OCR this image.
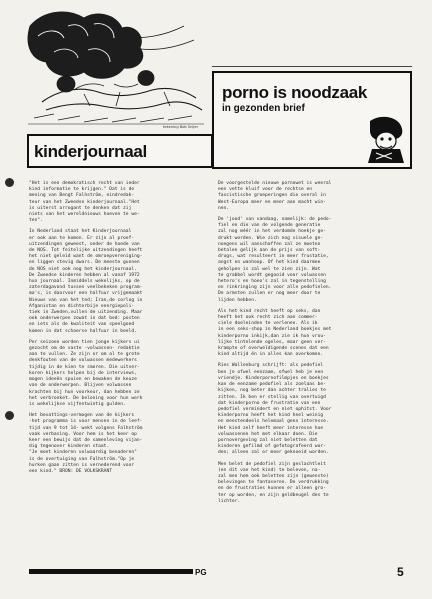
tekening Bob Snijer
porno is noodzaak
in gezonden brief
kinderjournaal

"Het is een demokratisch recht van ieder
kind informatie te krijgen." Dat is de
mening van Bengt Falhström, eindredak-
teur van het Zweedse kinderjournaal."Het
is uiterst arrogant te denken dat zij
niets van het wereldnieuws hoeven te we-
ten".

In Nederland staat het Kinderjournaal
er ook aan te komen. Er zijn al proef-
uitzendingen geweest, onder de hoede van
de NOS. Tot feitelijke uitzendingen heeft
het niet geleid want de omroepvereniging-
en liggen stevig dwars. De meeste gunnen
de NOS niet ook nog het kinderjournaal.
De Zweedse kinderen hebben al vanaf 1972
hun journaal. Inmiddels wekelijks, op de
zaterdagavond tussen veelbekeken program-
ma's, is daarvoor een halfuur vrijgemaakt
Nieuws van van het ted; Iran,de corlog in
Afganistan en dichterbije energiepoli-
tiek in Zweden,vullen de uitzending. Maar
ook onderwerpen zowat in dat bed: posten
en iets als de kwaliteit van speelgoed
komen in dat schaerse halfuur in beeld.

Per seizoen worden tien jonge kijkers ui
gezocht om de vaste -volwassen- redaktie
aan te vullen. Ze zijn er om al te grote
denkfouten van de volwassen medewerkers
tijdig in de kien te smoren. Die uitver-
koren kijkers helpen bij de interviews,
mogen ideeën spuien en bewaken de keuze
van de onderwerpen. Blijven volwassen
krachten bij hun voorkeur, dan hebben ze
het verbronket. De beloning voor hun werk
is wekelijkse vijfentwintig gulden.

Het bevattings-vermogen van de kijkers
-het programma is voor mensen in de leef-
tijd van 9 tot 14- wekt volgens Falhström
vaak verbasing. Voor hem is het keer op
keer een bewijs dat de samenleving vijan-
dig tegenover kinderen staat.
"Je moet kinderen volwaardig benaderen"
is de overtuiging van Falhström."Op je
hurken gaan zitten is vernederend voor
een kind." BRON: DE VOLKSKRANT

De voorgestelde nieuwe pornowet is weeral
een vette kluif voor de rechtse en
fascistische groeperingen die overal in
West-Europa meer en meer aan macht win-
nen.

De 'jood' van vandaag, namelijk: de pedo-
fiel en die van de volgende generatie
zal nog méér in het verdomde hoekje ge-
drukt worden. Wie zich nog visuele ge-
noegens wil aanschaffen zal ze moeten
betalen gelijk aan de prijs van soft-
drugs, wat resulteert in meer frustatie,
angst en wanhoop. Of het kind daarmee
geholpen is zal wel te zien zijn. Wat
te grabbel wordt gegooid voor volwassen
hetero's en hoeo's zal in tegenstelling
en rinkringing zijn voor alle pedofielen.
De armsten zullen er nog meer door te
lijden hebben.

Als het kind recht heeft op seks, dan
heeft het ook recht zich aan commer-
ciele doeleinden te verlenen. Als ik
in een seks-shop in Nederland boekjes met
kinderporno inkijk,dan zie ik hun vrou-
lijke tintelende ogeles, maar geen ver-
krampte of overweldigende scenes dat een
kind altijd én in alles kan overkomen.

Ries Wallenburg schrijft: als pedofiel
ben je ofwel eenzaam, ofwel heb je een
vriendje. Kinderpornofilmpjes en boekjes
kan de eenzame pedofiel als zoelaas be-
kijken, nog beter dan achter tralies te
zitten. Ik ben er stellig van overtuigd
dat kinderporno de frustratie van een
pedofiel vermindert en niet ophitst. Voor
kinderporno heeft het kind heel weinig
en meestendeels helemaal geen interesse.
Het kind zelf heeft meer interesse hoe
volwassenen het met elkaar doen. Die
pornovergeving zal niet beletten dat
kinderen gefilmd of gefotografeerd wor-
den; alleen zal er meer geknoeid worden.

Men belet de pedofiel zijn geslachtleit
(en dit van het kind) te beleven, na-
zal men hem ook beletten zijn (gewenste)
belevingen te fantaseren. De verdrukking
en de frustraties kunnen er alleen gro-
ter op worden, en zijn geldbeugel des te
lichter.

PG	5
